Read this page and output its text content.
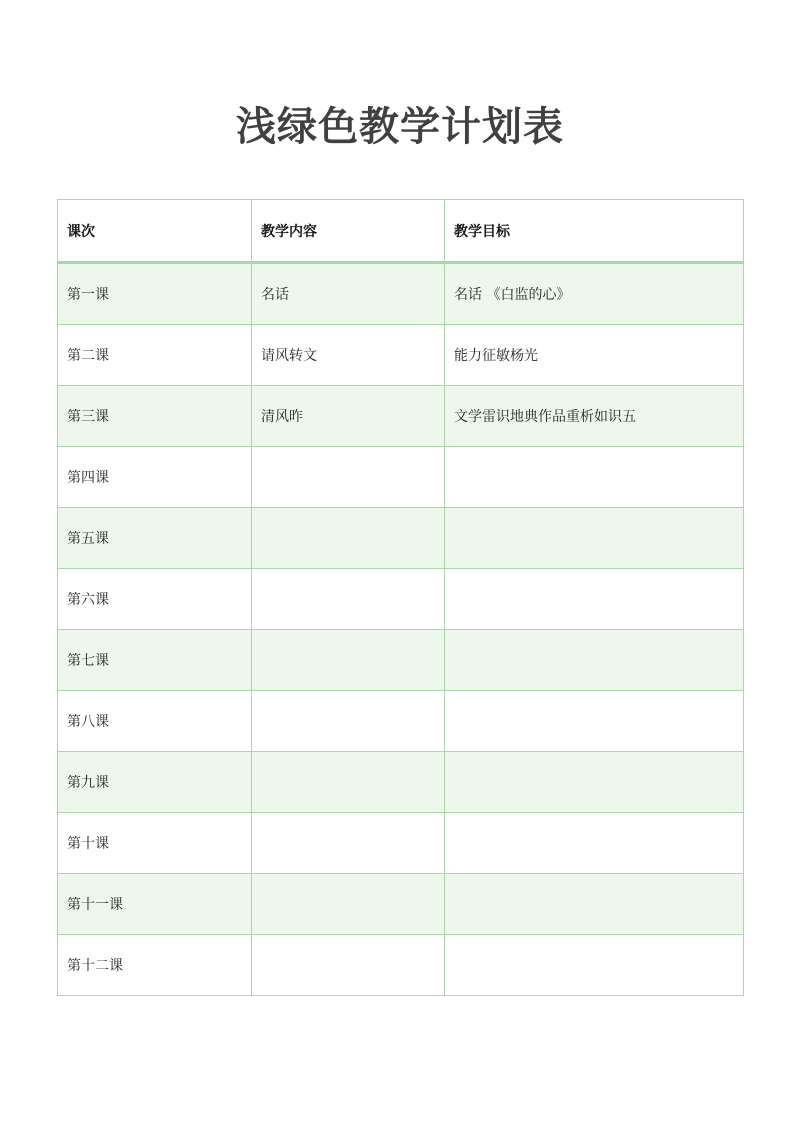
浅绿色教学计划表
课次	教学内容	教学目标
第一课	名话	名话 《白监的心》
第二课	请风转文	能力征敏杨光
第三课	清风昨	文学雷识地典作品重析如识五
第四课		
第五课		
第六课		
第七课		
第八课		
第九课		
第十课		
第十一课		
第十二课		
